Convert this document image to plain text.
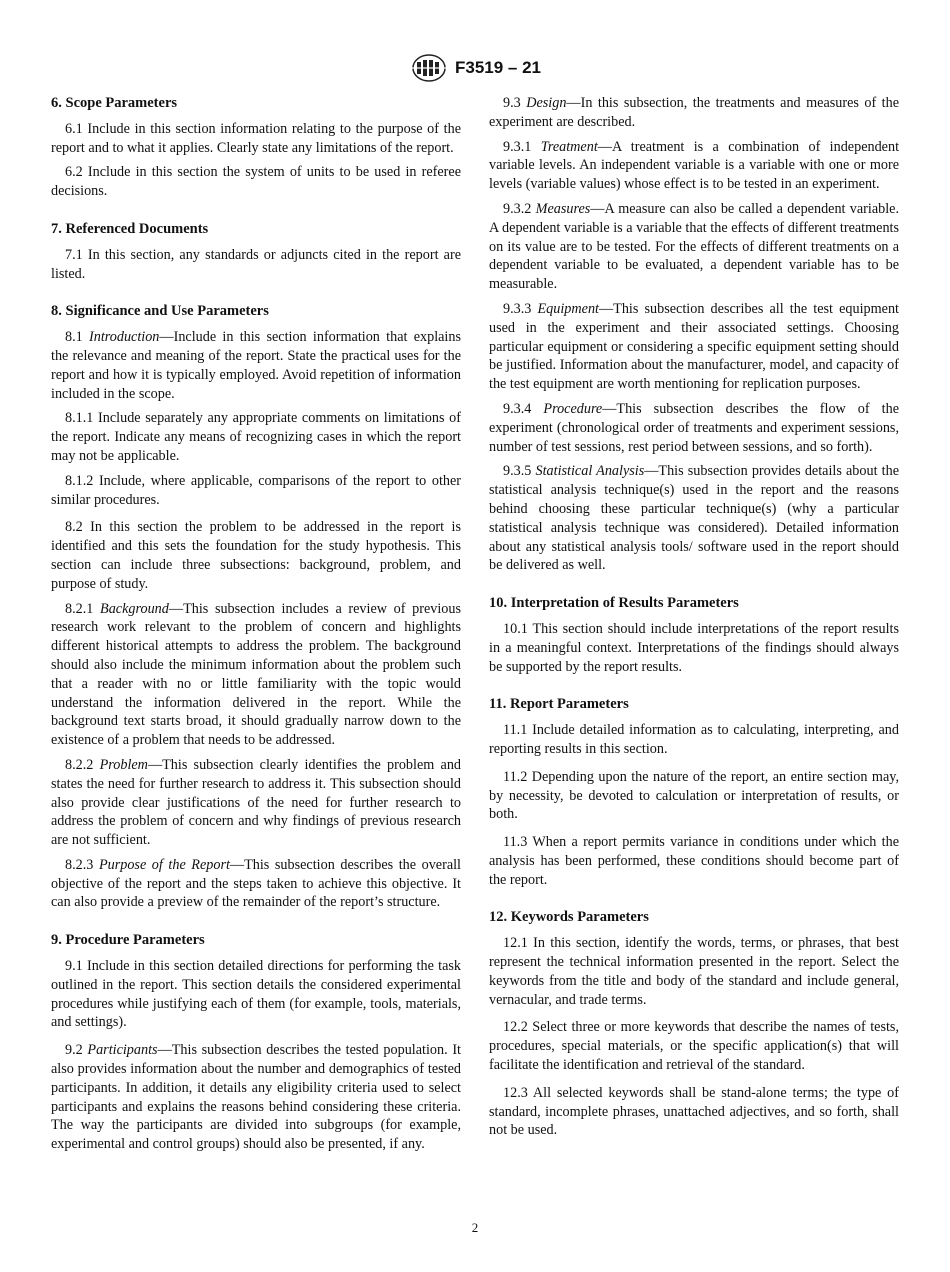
F3519 – 21
6. Scope Parameters

6.1 Include in this section information relating to the purpose of the report and to what it applies. Clearly state any limitations of the report.

6.2 Include in this section the system of units to be used in referee decisions.

7. Referenced Documents

7.1 In this section, any standards or adjuncts cited in the report are listed.

8. Significance and Use Parameters

8.1 Introduction—Include in this section information that explains the relevance and meaning of the report. State the practical uses for the report and how it is typically employed. Avoid repetition of information included in the scope.

8.1.1 Include separately any appropriate comments on limitations of the report. Indicate any means of recognizing cases in which the report may not be applicable.

8.1.2 Include, where applicable, comparisons of the report to other similar procedures.

8.2 In this section the problem to be addressed in the report is identified and this sets the foundation for the study hypothesis. This section can include three subsections: background, problem, and purpose of study.

8.2.1 Background—This subsection includes a review of previous research work relevant to the problem of concern and highlights different historical attempts to address the problem. The background should also include the minimum information about the problem such that a reader with no or little familiarity with the topic would understand the information delivered in the report. While the background text starts broad, it should gradually narrow down to the existence of a problem that needs to be addressed.

8.2.2 Problem—This subsection clearly identifies the problem and states the need for further research to address it. This subsection should also provide clear justifications of the need for further research to address the problem of concern and why findings of previous research are not sufficient.

8.2.3 Purpose of the Report—This subsection describes the overall objective of the report and the steps taken to achieve this objective. It can also provide a preview of the remainder of the report’s structure.

9. Procedure Parameters

9.1 Include in this section detailed directions for performing the task outlined in the report. This section details the considered experimental procedures while justifying each of them (for example, tools, materials, and settings).

9.2 Participants—This subsection describes the tested population. It also provides information about the number and demographics of tested participants. In addition, it details any eligibility criteria used to select participants and explains the reasons behind considering these criteria. The way the participants are divided into subgroups (for example, experimental and control groups) should also be presented, if any.

9.3 Design—In this subsection, the treatments and measures of the experiment are described.

9.3.1 Treatment—A treatment is a combination of independent variable levels. An independent variable is a variable with one or more levels (variable values) whose effect is to be tested in an experiment.

9.3.2 Measures—A measure can also be called a dependent variable. A dependent variable is a variable that the effects of different treatments on its value are to be tested. For the effects of different treatments on a dependent variable to be evaluated, a dependent variable has to be measurable.

9.3.3 Equipment—This subsection describes all the test equipment used in the experiment and their associated settings. Choosing particular equipment or considering a specific equipment setting should be justified. Information about the manufacturer, model, and capacity of the test equipment are worth mentioning for replication purposes.

9.3.4 Procedure—This subsection describes the flow of the experiment (chronological order of treatments and experiment sessions, number of test sessions, rest period between sessions, and so forth).

9.3.5 Statistical Analysis—This subsection provides details about the statistical analysis technique(s) used in the report and the reasons behind choosing these particular technique(s) (why a particular statistical analysis technique was considered). Detailed information about any statistical analysis tools/ software used in the report should be delivered as well.

10. Interpretation of Results Parameters

10.1 This section should include interpretations of the report results in a meaningful context. Interpretations of the findings should always be supported by the report results.

11. Report Parameters

11.1 Include detailed information as to calculating, interpreting, and reporting results in this section.

11.2 Depending upon the nature of the report, an entire section may, by necessity, be devoted to calculation or interpretation of results, or both.

11.3 When a report permits variance in conditions under which the analysis has been performed, these conditions should become part of the report.

12. Keywords Parameters

12.1 In this section, identify the words, terms, or phrases, that best represent the technical information presented in the report. Select the keywords from the title and body of the standard and include general, vernacular, and trade terms.

12.2 Select three or more keywords that describe the names of tests, procedures, special materials, or the specific application(s) that will facilitate the identification and retrieval of the standard.

12.3 All selected keywords shall be stand-alone terms; the type of standard, incomplete phrases, unattached adjectives, and so forth, shall not be used.

2
